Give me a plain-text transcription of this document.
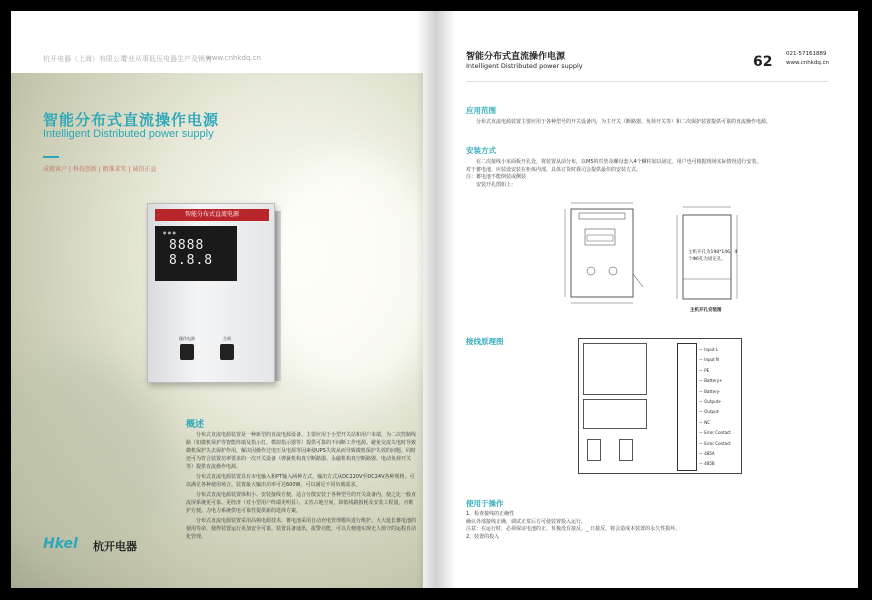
杭开电器（上海）有限公司
专业从事低压电器生产及销售
www.cnhkdq.cn
智能分布式直流操作电源
Intelligent Distributed power supply
成就客户 | 科技创新 | 精准求实 | 诚信正直
智能分布式直流电源
● ● ●
8888 8.8.8
操作电源	合闸
概述

分布式直流电源装置是一种新型的直流电源设备。主要应用于小型开关站和用户末端，为二次控制线路（如微机保护等智能终端及指示灯、模拟指示器等）提供可靠的不间断工作电源。避免交流失电时导致微机保护失去保护作用，解决因操作过电压及电源等因素使UPS失效从而导致微机保护失效的问题。同时还可为符合装置功率要求的一次开关设备（弹簧机构真空断路器、永磁机构真空断路器、电动负荷开关等）提供直流操作电源。

分布式直流电源装置具有市电输入和PT输入两种方式。输出方式从DC220V至DC24V各种规格，可以满足各种使用场合。装置最大输出功率可达600W，可以满足不同负载需求。

分布式直流电源装置体积小、安装接线方便，适合分散安装于各种型号的开关设备内，使之比一般直流屏系统更可靠、更经济（对小型用户终端更明显），又省占地空间，降低线路损耗及安装工程量，且维护方便。力电力系统供电可靠性提供新的选择方案。

分布式直流电源装置采用高频电源技术，蓄电池采用自动充电管理模块进行维护。大大延长蓄电池的使用寿命，使得装置运行更加安全可靠。装置具备通讯、报警功能，可以方便地实现无人值守的运程自动化管理。

Hkel 杭开电器
智能分布式直流操作电源
Intelligent Distributed power supply	62 021-57161889
www.cnhkdq.cn
应用范围
分布式直流电源装置主要应用于各种型号的开关设备内，为主开关（断路器、负荷开关等）和二次保护装置提供可靠的直流操作电源。
安装方式
在二次接线小室面板开孔处，将装置从前分布，以M5的爪垫及螺母套入4个螺柱加以固定。用户也可根据现场实际情况进行安装。
对于蓄电池、应装设安装在柜体内部，具体订货时我司会提供最佳的安装方式。
注：蓄电池不能倒装或侧装
安装开孔图如上：
主机开孔为198*146，4个Φ6孔为固定孔。
主机开孔安装图
接线原理图
— Input L
— Input N
— PE
— Battery+
— Battery-
— Output+
— Output-
— NC
— Error Contact
— Error Contact
— 485A
— 485B
使用于操作
1、检查接线的正确性
确认外部接线正确，调试正常后方可使装置投入运行。
注意：在运行时，必须保证电池的正、负极没有接反，_ 日接反，将会造成本装置的永久性损坏。
2、装置的投入
